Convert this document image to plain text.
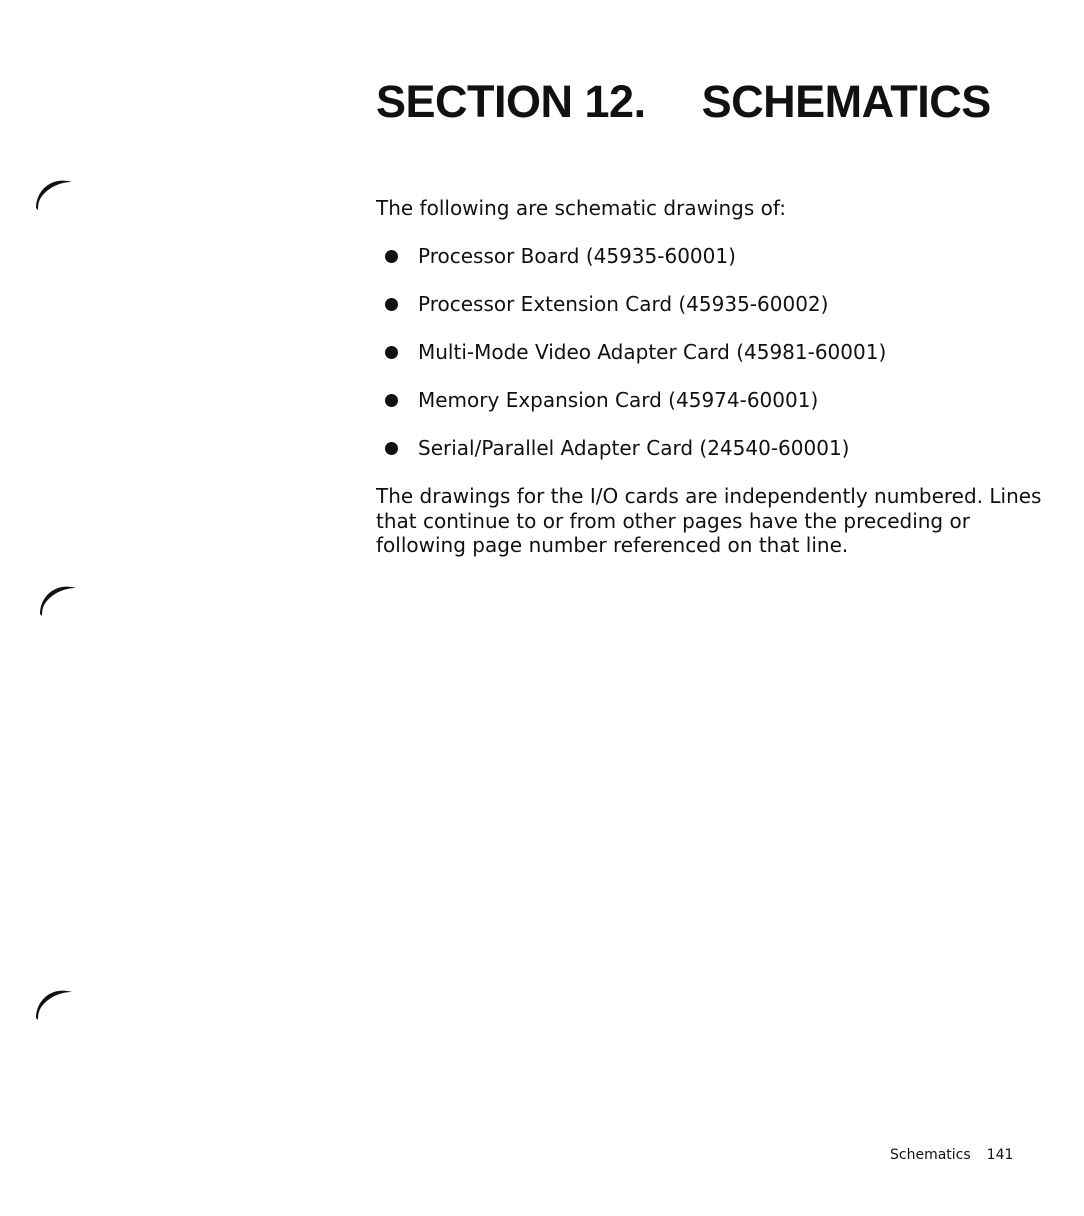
SECTION 12. SCHEMATICS

The following are schematic drawings of:

Processor Board (45935-60001)
Processor Extension Card (45935-60002)
Multi-Mode Video Adapter Card (45981-60001)
Memory Expansion Card (45974-60001)
Serial/Parallel Adapter Card (24540-60001)

The drawings for the I/O cards are independently numbered. Lines
that continue to or from other pages have the preceding or
following page number referenced on that line.

Schematics 141
